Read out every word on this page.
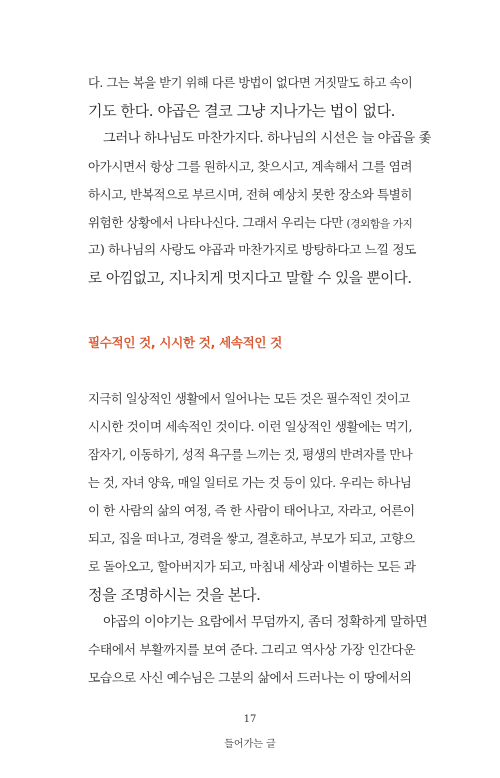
다. 그는 복을 받기 위해 다른 방법이 없다면 거짓말도 하고 속이
기도 한다. 야곱은 결코 그냥 지나가는 법이 없다.
그러나 하나님도 마찬가지다. 하나님의 시선은 늘 야곱을 좇
아가시면서 항상 그를 원하시고, 찾으시고, 계속해서 그를 염려
하시고, 반복적으로 부르시며, 전혀 예상치 못한 장소와 특별히
위험한 상황에서 나타나신다. 그래서 우리는 다만 (경외함을 가지
고) 하나님의 사랑도 야곱과 마찬가지로 방탕하다고 느낄 정도
로 아낌없고, 지나치게 멋지다고 말할 수 있을 뿐이다.
필수적인 것, 시시한 것, 세속적인 것
지극히 일상적인 생활에서 일어나는 모든 것은 필수적인 것이고
시시한 것이며 세속적인 것이다. 이런 일상적인 생활에는 먹기,
잠자기, 이동하기, 성적 욕구를 느끼는 것, 평생의 반려자를 만나
는 것, 자녀 양육, 매일 일터로 가는 것 등이 있다. 우리는 하나님
이 한 사람의 삶의 여정, 즉 한 사람이 태어나고, 자라고, 어른이
되고, 집을 떠나고, 경력을 쌓고, 결혼하고, 부모가 되고, 고향으
로 돌아오고, 할아버지가 되고, 마침내 세상과 이별하는 모든 과
정을 조명하시는 것을 본다.
야곱의 이야기는 요람에서 무덤까지, 좀더 정확하게 말하면
수태에서 부활까지를 보여 준다. 그리고 역사상 가장 인간다운
모습으로 사신 예수님은 그분의 삶에서 드러나는 이 땅에서의
17
들어가는 글
